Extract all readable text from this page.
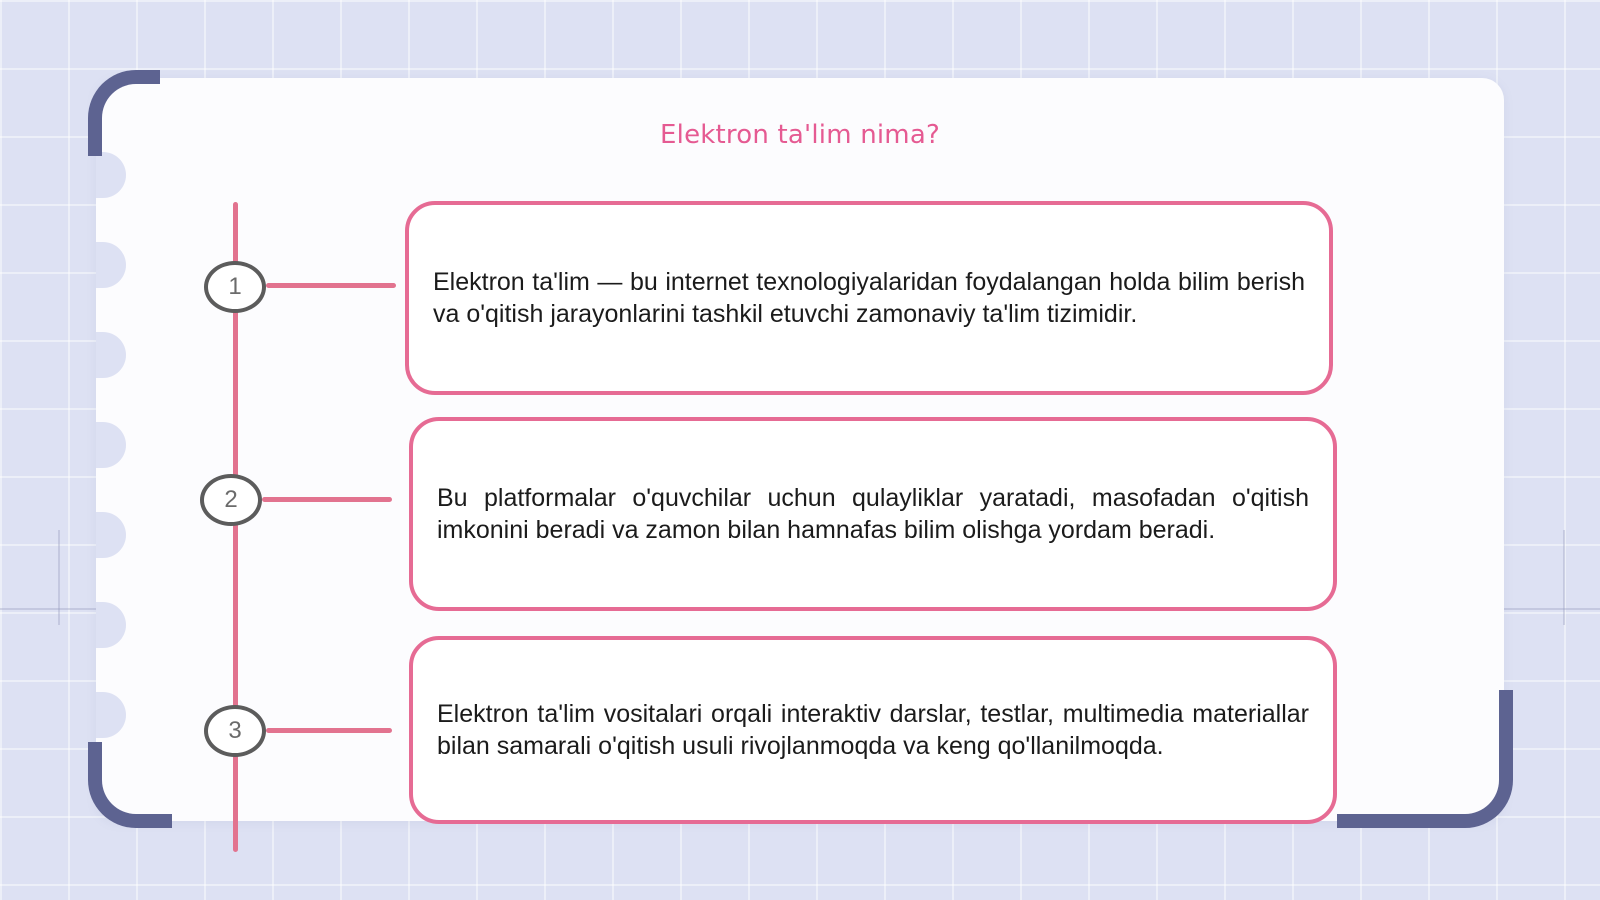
Elektron ta'lim nima?
1
2
3

Elektron ta'lim — bu internet texnologiyalaridan foydalangan holda bilim berish va o'qitish jarayonlarini tashkil etuvchi zamonaviy ta'lim tizimidir.

Bu platformalar o'quvchilar uchun qulayliklar yaratadi, masofadan o'qitish imkonini beradi va zamon bilan hamnafas bilim olishga yordam beradi.

Elektron ta'lim vositalari orqali interaktiv darslar, testlar, multimedia materiallar bilan samarali o'qitish usuli rivojlanmoqda va keng qo'llanilmoqda.
